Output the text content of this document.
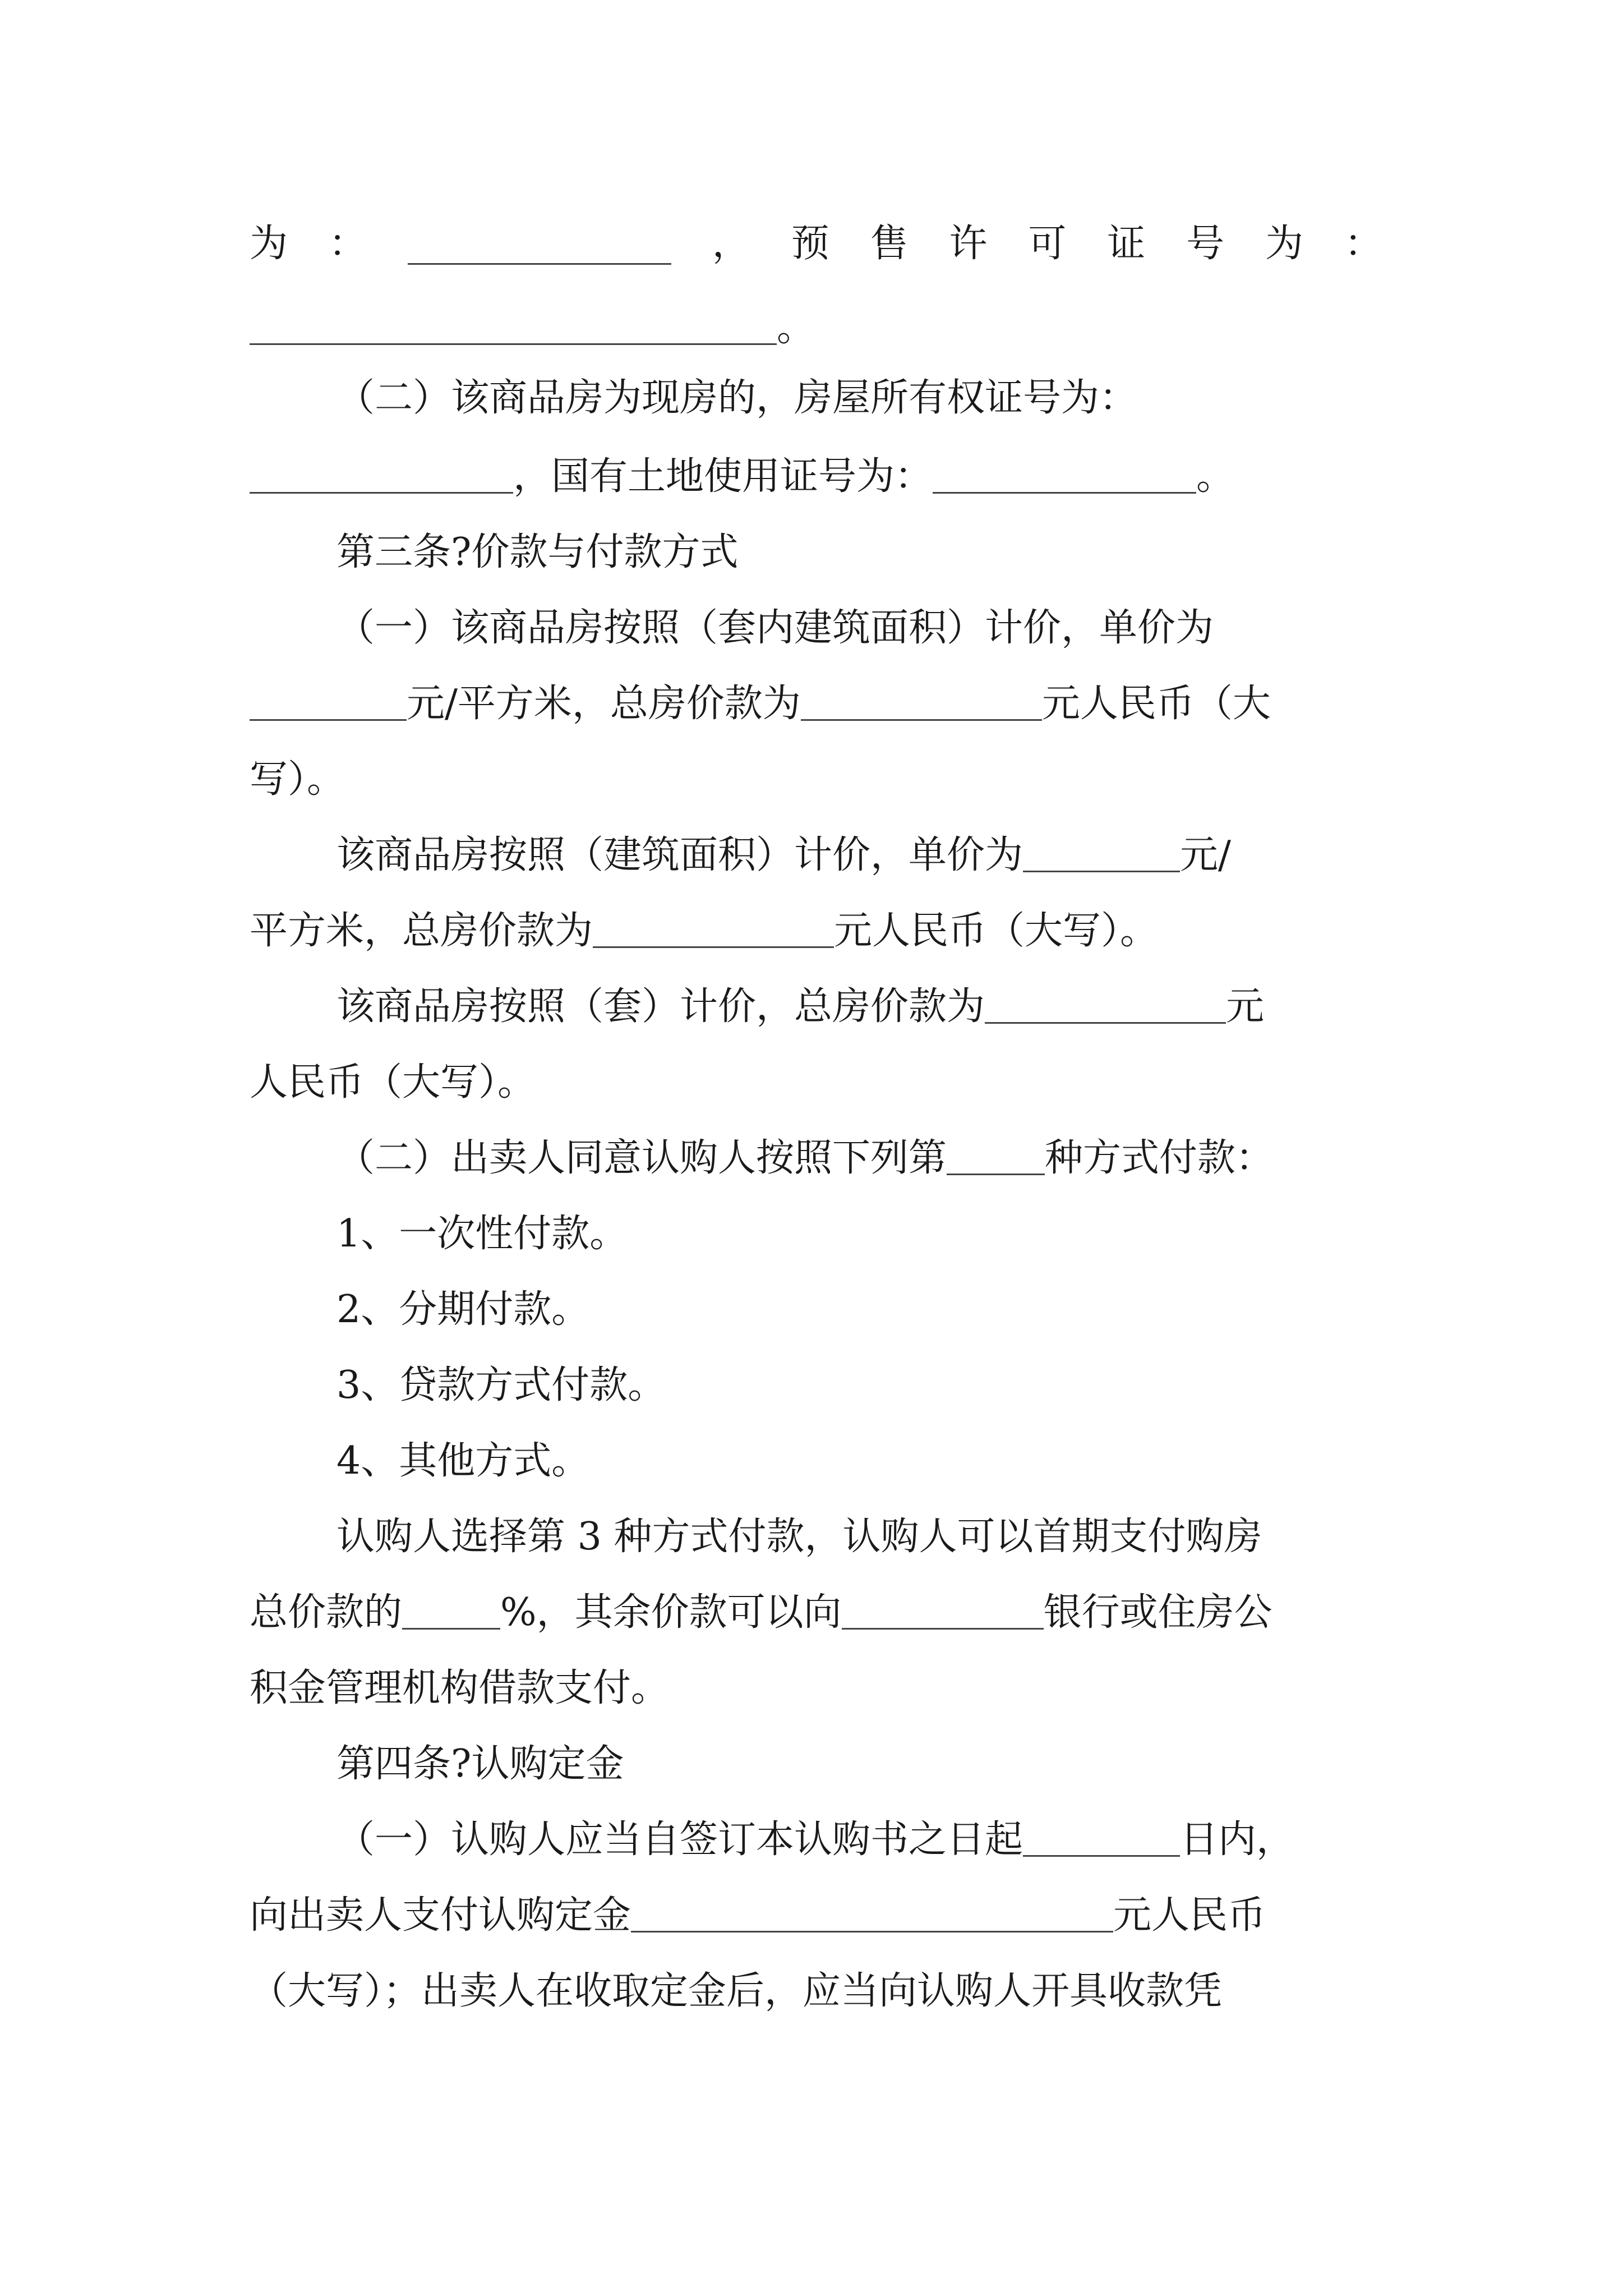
为 ：	， 预 售 许 可 证 号 为 ：
。
（二）该商品房为现房的，房屋所有权证号为：
，国有土地使用证号为：	。
第三条?价款与付款方式
（一）该商品房按照（套内建筑面积）计价，单价为
元/平方米，总房价款为	元人民币（大
写）。
该商品房按照（建筑面积）计价，单价为	元/
平方米，总房价款为	元人民币（大写）。
该商品房按照（套）计价，总房价款为	元
人民币（大写）。
（二）出卖人同意认购人按照下列第	种方式付款：
1、一次性付款。
2、分期付款。
3、贷款方式付款。
4、其他方式。
认购人选择第 3 种方式付款，认购人可以首期支付购房
总价款的	%，其余价款可以向	银行或住房公
积金管理机构借款支付。
第四条?认购定金
（一）认购人应当自签订本认购书之日起	日内，
向出卖人支付认购定金	元人民币
（大写）；出卖人在收取定金后，应当向认购人开具收款凭
